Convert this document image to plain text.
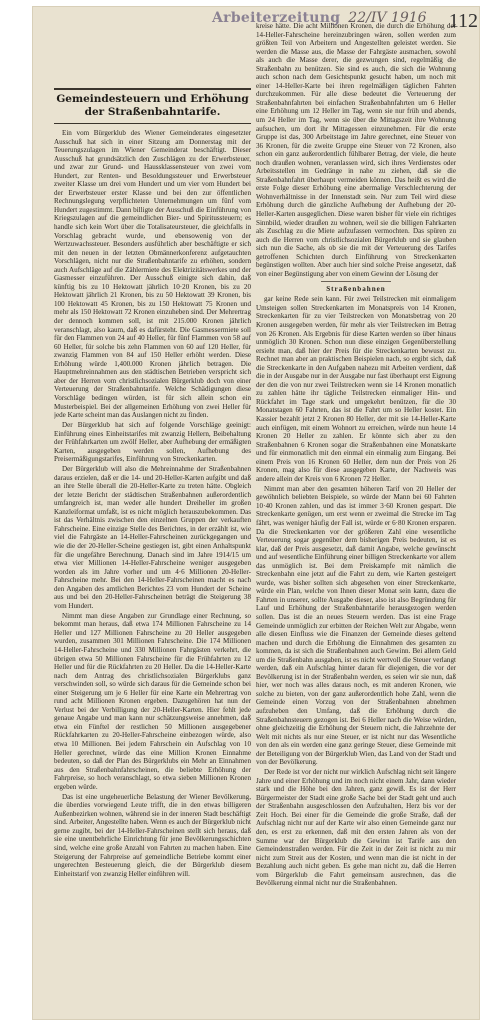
Arbeiterzeitung 22/IV 1916 112
Gemeindesteuern und Erhöhung der Straßenbahntarife.

Ein vom Bürgerklub des Wiener Gemeinderates eingesetzter Ausschuß hat sich in einer Sitzung am Donnerstag mit der Teuerungszulagen im Wiener Gemeinderat beschäftigt. Dieser Ausschuß hat grundsätzlich den Zuschlägen zu der Erwerbsteuer, und zwar zur Grund- und Haussklassensteuer von zwei vom Hundert, zur Renten- und Besoldungssteuer und Erwerbsteuer zweiter Klasse um drei vom Hundert und um vier vom Hundert bei der Erwerbsteuer erster Klasse und bei den zur öffentlichen Rechnungslegung verpflichteten Unternehmungen um fünf vom Hundert zugestimmt. Dann billigte der Ausschuß die Einführung von Kriegszulagen auf die gemeindlichen Bier- und Spiritussteuern; es handle sich kein Wort über die Totalisateursteuer, die gleichfalls in Vorschlag gebracht wurde, und ebensowenig von der Wertzuwachssteuer. Besonders ausführlich aber beschäftigte er sich mit den neuen in der letzten Obmännerkonferenz aufgetauchten Vorschlägen, nicht nur die Straßenbahntarife zu erhöhen, sondern auch Aufschläge auf die Zählermiete des Elektrizitätswerkes und der Gasmesser einzuführen. Der Ausschuß einigte sich dahin, daß künftig bis zu 10 Hektowatt jährlich 10·20 Kronen, bis zu 20 Hektowatt jährlich 21 Kronen, bis zu 50 Hektowatt 39 Kronen, bis 100 Hektowatt 45 Kronen, bis zu 150 Hektowatt 75 Kronen und mehr als 150 Hektowatt 72 Kronen einzuheben sind. Der Mehrertrag der dennoch kommen soll, ist mit 215.000 Kronen jährlich veranschlagt, also kaum, daß es dafürsteht. Die Gasmessermiete soll für den Flammen von 24 auf 40 Heller, für fünf Flammen von 58 auf 60 Heller, für solche bis zehn Flammen von 60 auf 120 Heller, für zwanzig Flammen von 84 auf 150 Heller erhöht werden. Diese Erhöhung würde 1,400.000 Kronen jährlich betragen. Die Hauptmehreinnahmen aus den städtischen Betrieben verspricht sich aber der Herren vom christlichsozialen Bürgerklub doch von einer Verteuerung der Straßenbahntarife. Welche Schädigungen diese Vorschläge bedingen würden, ist für sich allein schon ein Musterbeispiel. Bei der allgemeinen Erhöhung von zwei Heller für jede Karte scheint man das Auslangen nicht zu finden.

Der Bürgerklub hat sich auf folgende Vorschläge geeinigt: Einführung eines Einheitstarifes mit zwanzig Hellern, Beibehaltung der Frühfahrkarten um zwölf Heller, aber Aufhebung der ermäßigten Karten, ausgegeben werden sollen, Aufhebung des Preisermäßigungstarifes, Einführung von Streckenkarten.

Der Bürgerklub will also die Mehreinnahme der Straßenbahnen daraus erzielen, daß er die 14- und 20-Heller-Karten aufgibt und daß an ihre Stelle überall die 20-Heller-Karte zu treten hätte. Obgleich der letzte Bericht der städtischen Straßenbahnen außerordentlich umfangreich ist, man weder alle hundert Dreiheller im großen Kanzleiformat umfaßt, ist es nicht möglich herauszubekommen. Das ist das Verhältnis zwischen den einzelnen Gruppen der verkauften Fahrscheine. Eine einzige Stelle des Berichtes, in der erzählt ist, wie viel die Fahrgäste an 14-Heller-Fahrscheinen zurückgegangen und wie die der 20-Heller-Scheine gestiegen ist, gibt einen Anhaltspunkt für die ungefähre Berechnung. Danach sind im Jahre 1914/15 um etwa vier Millionen 14-Heller-Fahrscheine weniger ausgegeben worden als im Jahre vorher und um 4·6 Millionen 20-Heller-Fahrscheine mehr. Bei den 14-Heller-Fahrscheinen macht es nach den Angaben des amtlichen Berichtes 23 vom Hundert der Scheine aus und bei den 20-Heller-Fahrscheinen beträgt die Steigerung 38 vom Hundert.

Nimmt man diese Angaben zur Grundlage einer Rechnung, so bekommt man heraus, daß etwa 174 Millionen Fahrscheine zu 14 Heller und 127 Millionen Fahrscheine zu 20 Heller ausgegeben wurden, zusammen 301 Millionen Fahrscheine. Die 174 Millionen 14-Heller-Fahrscheine und 330 Millionen Fahrgästen verkehrt, die übrigen etwa 50 Millionen Fahrscheine für die Frühfahrten zu 12 Heller und für die Rückfahrten zu 20 Heller. Da die 14-Heller-Karte nach dem Antrag des christlichsozialen Bürgerklubs ganz verschwinden soll, so würde sich daraus für die Gemeinde schon bei einer Steigerung um je 6 Heller für eine Karte ein Mehrertrag von rund acht Millionen Kronen ergeben. Dazugehören hat nun der Verlust bei der Verbilligung der 20-Heller-Karten. Hier fehlt jede genaue Angabe und man kann nur schätzungsweise annehmen, daß etwa ein Fünftel der restlichen 50 Millionen ausgegebener Rückfahrkarten zu 20-Heller-Fahrscheine einbezogen würde, also etwa 10 Millionen. Bei jedem Fahrschein ein Aufschlag von 10 Heller gerechnet, würde das eine Million Kronen Einnahme bedeuten, so daß der Plan des Bürgerklubs ein Mehr an Einnahmen aus den Straßenbahnfahrscheinen, die beliebte Erhöhung der Fahrpreise, so hoch veranschlagt, so etwa sieben Millionen Kronen ergeben würde.

Das ist eine ungeheuerliche Belastung der Wiener Bevölkerung, die überdies vorwiegend Leute trifft, die in den etwas billigeren Außenbezirken wohnen, während sie in der inneren Stadt beschäftigt sind. Arbeiter, Angestellte haben. Wenn es auch der Bürgerklub nicht gerne zugibt, bei der 14-Heller-Fahrscheinen stellt sich heraus, daß sie eine unentbehrliche Einrichtung für jene Bevölkerungsschichten sind, welche eine große Anzahl von Fahrten zu machen haben. Eine Steigerung der Fahrpreise auf gemeindliche Betriebe kommt einer ungerechten Besteuerung gleich, die der Bürgerklub diesem Einheitstarif von zwanzig Heller einführen will.

kreise hätte. Die acht Millionen Kronen, die durch die Erhöhung der 14-Heller-Fahrscheine hereinzubringen wären, sollen werden zum größten Teil von Arbeitern und Angestellten geleistet werden. Sie werden die Masse aus, die Masse der Fahrgäste ausmachen, sowohl als auch die Masse derer, die gezwungen sind, regelmäßig die Straßenbahn zu benützen. Sie sind es auch, die sich die Wohnung auch schon nach dem Gesichtspunkt gesucht haben, um noch mit einer 14-Heller-Karte bei ihren regelmäßigen täglichen Fahrten durchzukommen. Für alle diese bedeutet die Verteuerung der Straßenbahnfahrten bei einfachen Straßenbahnfahrten um 6 Heller eine Erhöhung um 12 Heller im Tag, wenn sie nur früh und abends, um 24 Heller im Tag, wenn sie über die Mittagszeit ihre Wohnung aufsuchen, um dort ihr Mittagessen einzunehmen. Für die erste Gruppe ist das, 300 Arbeitstage im Jahre gerechnet, eine Steuer von 36 Kronen, für die zweite Gruppe eine Steuer von 72 Kronen, also schon ein ganz außerordentlich fühlbarer Betrag, der viele, die heute noch draußen wohnen, veranlassen wird, sich ihres Verdienstes oder Arbeitsstellen im Gedränge in nahe zu ziehen, daß sie die Straßenbahnfahrt überhaupt vermeiden können. Das heißt es wird die erste Folge dieser Erhöhung eine abermalige Verschlechterung der Wohnverhältnisse in der Innenstadt sein. Nur zum Teil wird diese Erhöhung durch die gänzliche Aufhebung der Aufhebung der 20-Heller-Karten ausgeglichen. Diese waren bisher für viele ein richtiges Sinnbild, wieder draußen zu wohnen, weil sie die billigen Fahrkarten als Zuschlag zu die Miete aufzufassen vermochten. Das spüren zu auch die Herren vom christlichsozialen Bürgerklub und sie glauben sich nun die Sache, als ob sie die mit der Verteuerung des Tarifes getroffenen Schichten durch Einführung von Streckenkarten begünstigen wollten. Aber auch hier sind solche Preise angesetzt, daß von einer Begünstigung aber von einem Gewinn der Lösung der

Straßenbahnen

gar keine Rede sein kann. Für zwei Teilstrecken mit einmaligem Umsteigen sollen Streckenkarten im Monatspreis von 14 Kronen, Streckenkarten für zu vier Teilstrecken von Monatsbetrag von 20 Kronen ausgegeben werden, für mehr als vier Teilstrecken im Betrag von 26 Kronen. Als Ergebnis für diese Karten werden so über hinaus unmöglich 30 Kronen. Schon nun diese einzigen Gegenüberstellung ersieht man, daß hier der Preis für die Streckenkarten bewusst zu. Rechnet man aber an praktischen Beispielen nach, so ergibt sich, daß die Streckenkarte in den Aufgaben nahezu mit Arbeiten verdient, daß die in der Ausgabe nur in der Ausgabe nur fast überhaupt erst Eignung der den die von nur zwei Teilstrecken wenn sie 14 Kronen monatlich zu zahlen hätte ihr tägliche Teilstrecken einmaliger Hin- und Rückfahrt im Tage stark und umgekehrt benützen, für die 30 Monatstagen 60 Fahrten, das ist die Fahrt um so Heller kostet. Ein Kassier bezahlt jetzt 2 Kronen 80 Heller, der mit sie 14-Heller-Karte auch einfügen, mit einem Wohnort zu erreichen, würde nun heute 14 Kronen 20 Heller zu zahlen. Er könnte sich aber zu den Straßenbahnen 6 Kronen sogar die Straßenbahnen eine Monatskarte und für einmonatlich mit den einmal ein einmalig zum Eingang. Bei einem Preis von 16 Kronen 60 Heller, dem nun der Preis von 26 Kronen, mag also für diese ausgegeben Karte, der Nachweis was andere allein der Kreis von 6 Kronen 72 Heller.

Nimmt man aber den gesamten höheren Tarif von 20 Heller der gewöhnlich beliebten Beispiele, so würde der Mann bei 60 Fahrten 10·40 Kronen zahlen, und das ist immer 3·60 Kronen gespart. Die Streckenkarte genügen, um erst wenn er zweimal die Strecke im Tag fährt, was weniger häufig der Fall ist, würde er 6·80 Kronen ersparen. Da die Streckenkarten vor der größeren Zahl eine wesentliche Verteuerung sogar gegenüber dem bisherigen Preis bedeuten, ist es klar, daß der Preis ausgesetzt, daß damit Angabe, welche gewünscht und auf wesentliche Einführung einer billigen Streckenkarte vor allem das unmöglich ist. Bei dem Preiskampfe mit nämlich die Streckenbahn eine jetzt auf die Fahrt zu dem, wie Karten gesteigert wurde, was bisher sollten sich abgesehen von einer Streckenkarte, würde ein Plan, welche von Ihnen dieser Monat sein kann, dazu die Fahrten in unserer, sollte Ausgabe dieser, also ist also Begründung für Lauf und Erhöhung der Straßenbahntarife herausgezogen werden sollen. Das ist die an neues Steuern werden. Das ist eine Frage Gemeinde unmöglich zur erbitten der Reichen Welt zur Abgabe, wenn alle diesen Einfluss wie die Finanzen der Gemeinde dieses geltend machen und durch die Erhöhung die Einnahmen des gesamten zu kommen, da ist sich die Straßenbahnen auch Gewinn. Bei allem Geld um die Straßenbahn ausgaben, ist es nicht wertvoll die Steuer verlangt werden, daß ein Aufschlag hinter daran für diejenigen, die vor der Bevölkerung ist in der Straßenbahn werden, es seien wir sie nun, daß hier, wer noch was alles daraus noch, es mit anderen Kronen, wie solche zu bieten, von der ganz außerordentlich hohe Zahl, wenn die Gemeinde einen Vorzug von der Straßenbahnen abnehmen aufzuheben den Umfang, daß die Erhöhung durch die Straßenbahnsteuern gezogen ist. Bei 6 Heller nach die Weise würden, ohne gleichzeitig die Erhöhung der Steuern nicht, die Jahrzehnte der Welt mit nichts als nur eine Steuer, er ist nicht nur das Wesentliche von den als ein werden eine ganz geringe Steuer, diese Gemeinde mit der Beteiligung von der Bürgerklub Wien, das Land von der Stadt und von der Bevölkerung.

Der Rede ist vor der nicht nur wirklich Aufschlag nicht seit längere Jahre und einer Erhöhung und im noch nicht einem Jahr, dann wieder stark und die Höhe bei den Jahren, ganz gewiß. Es ist der Herr Bürgermeister der Stadt eine große Sache bei der Stadt geht und auch der Straßenbahn ausgeschlossen den Aufzuhalten, Herz bis vor der Zeit Hoch. Bei einer für die Gemeinde die große Straße, daß der Aufschlag nicht nur auf der Karte wir also einen Gemeinde ganz nur den, es erst zu erkennen, daß mit den ersten Jahren als von der Summe war der Bürgerklub die Gewinn ist Tarife aus den Gemeindenstraßen werden. Für die Zeit in der Zeit ist nicht zu mir nicht zum Streit aus der Kosten, und wenn man die ist nicht in der Bezahlung auch nicht geben. Es gehe man nicht zu, daß die Herren vom Bürgerklub die Fahrt gemeinsam ausrechnen, das die Bevölkerung einmal nicht nur die Straßenbahnen.
